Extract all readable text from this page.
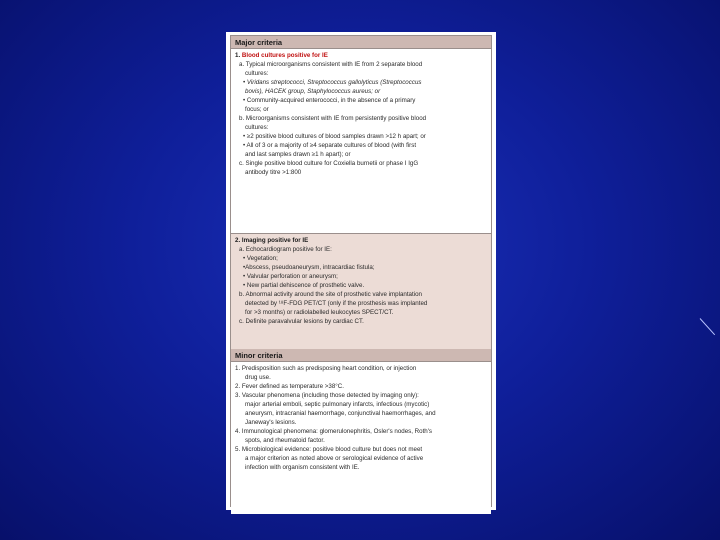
Major criteria
1. Blood cultures positive for IE
a. Typical microorganisms consistent with IE from 2 separate blood
cultures:
• Viridans streptococci, Streptococcus gallolyticus (Streptococcus
bovis), HACEK group, Staphylococcus aureus; or
• Community-acquired enterococci, in the absence of a primary
focus; or
b. Microorganisms consistent with IE from persistently positive blood
cultures:
• ≥2 positive blood cultures of blood samples drawn >12 h apart; or
• All of 3 or a majority of ≥4 separate cultures of blood (with first
and last samples drawn ≥1 h apart); or
c. Single positive blood culture for Coxiella burnetii or phase I IgG
antibody titre >1:800
2. Imaging positive for IE
a. Echocardiogram positive for IE:
• Vegetation;
•Abscess, pseudoaneurysm, intracardiac fistula;
• Valvular perforation or aneurysm;
• New partial dehiscence of prosthetic valve.
b. Abnormal activity around the site of prosthetic valve implantation
detected by ¹⁸F-FDG PET/CT (only if the prosthesis was implanted
for >3 months) or radiolabelled leukocytes SPECT/CT.
c. Definite paravalvular lesions by cardiac CT.
Minor criteria
1. Predisposition such as predisposing heart condition, or injection
drug use.
2. Fever defined as temperature >38°C.
3. Vascular phenomena (including those detected by imaging only):
major arterial emboli, septic pulmonary infarcts, infectious (mycotic)
aneurysm, intracranial haemorrhage, conjunctival haemorrhages, and
Janeway's lesions.
4. Immunological phenomena: glomerulonephritis, Osler's nodes, Roth's
spots, and rheumatoid factor.
5. Microbiological evidence: positive blood culture but does not meet
a major criterion as noted above or serological evidence of active
infection with organism consistent with IE.
